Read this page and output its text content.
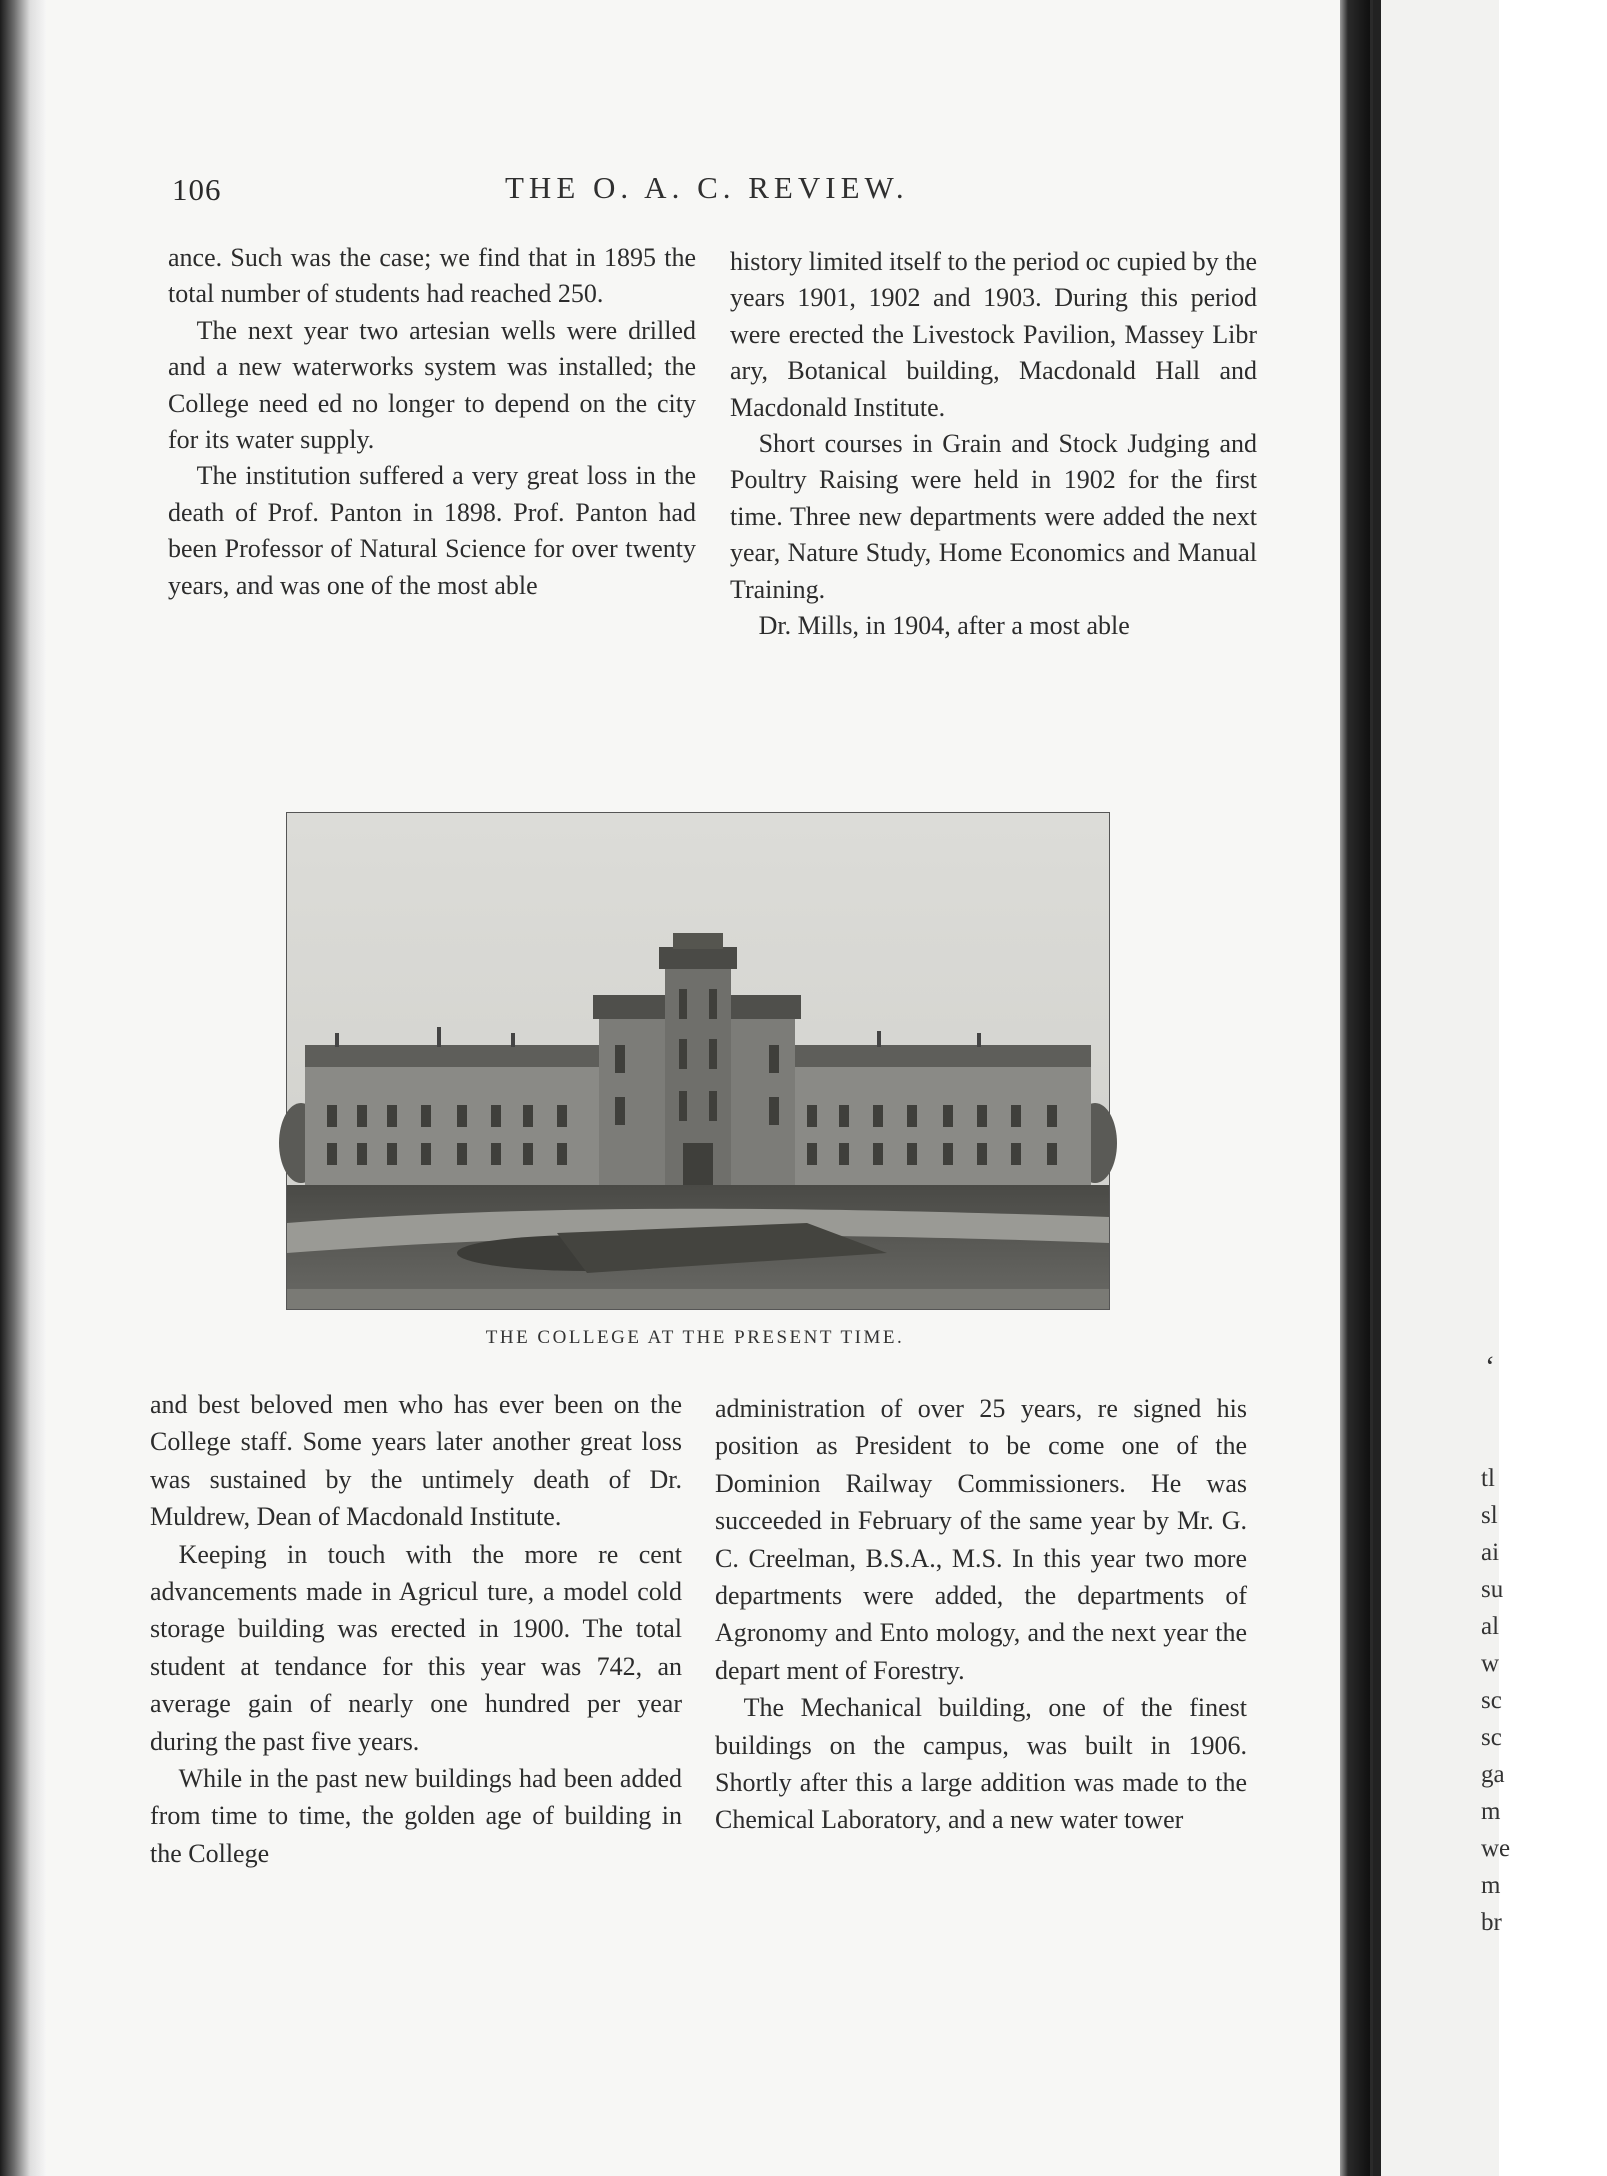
106	THE O. A. C. REVIEW.

ance. Such was the case; we find that in 1895 the total number of students had reached 250.

The next year two artesian wells were drilled and a new waterworks system was installed; the College need ed no longer to depend on the city for its water supply.

The institution suffered a very great loss in the death of Prof. Panton in 1898. Prof. Panton had been Professor of Natural Science for over twenty years, and was one of the most able

history limited itself to the period oc cupied by the years 1901, 1902 and 1903. During this period were erected the Livestock Pavilion, Massey Libr ary, Botanical building, Macdonald Hall and Macdonald Institute.

Short courses in Grain and Stock Judging and Poultry Raising were held in 1902 for the first time. Three new departments were added the next year, Nature Study, Home Economics and Manual Training.

Dr. Mills, in 1904, after a most able

THE COLLEGE AT THE PRESENT TIME.

and best beloved men who has ever been on the College staff. Some years later another great loss was sustained by the untimely death of Dr. Muldrew, Dean of Macdonald Institute.

Keeping in touch with the more re cent advancements made in Agricul ture, a model cold storage building was erected in 1900. The total student at tendance for this year was 742, an average gain of nearly one hundred per year during the past five years.

While in the past new buildings had been added from time to time, the golden age of building in the College

administration of over 25 years, re signed his position as President to be come one of the Dominion Railway Commissioners. He was succeeded in February of the same year by Mr. G. C. Creelman, B.S.A., M.S. In this year two more departments were added, the departments of Agronomy and Ento mology, and the next year the depart ment of Forestry.

The Mechanical building, one of the finest buildings on the campus, was built in 1906. Shortly after this a large addition was made to the Chemical Laboratory, and a new water tower

‘
tl
sl
ai
su
al
w
sc
sc
ga
m
we
m
br
